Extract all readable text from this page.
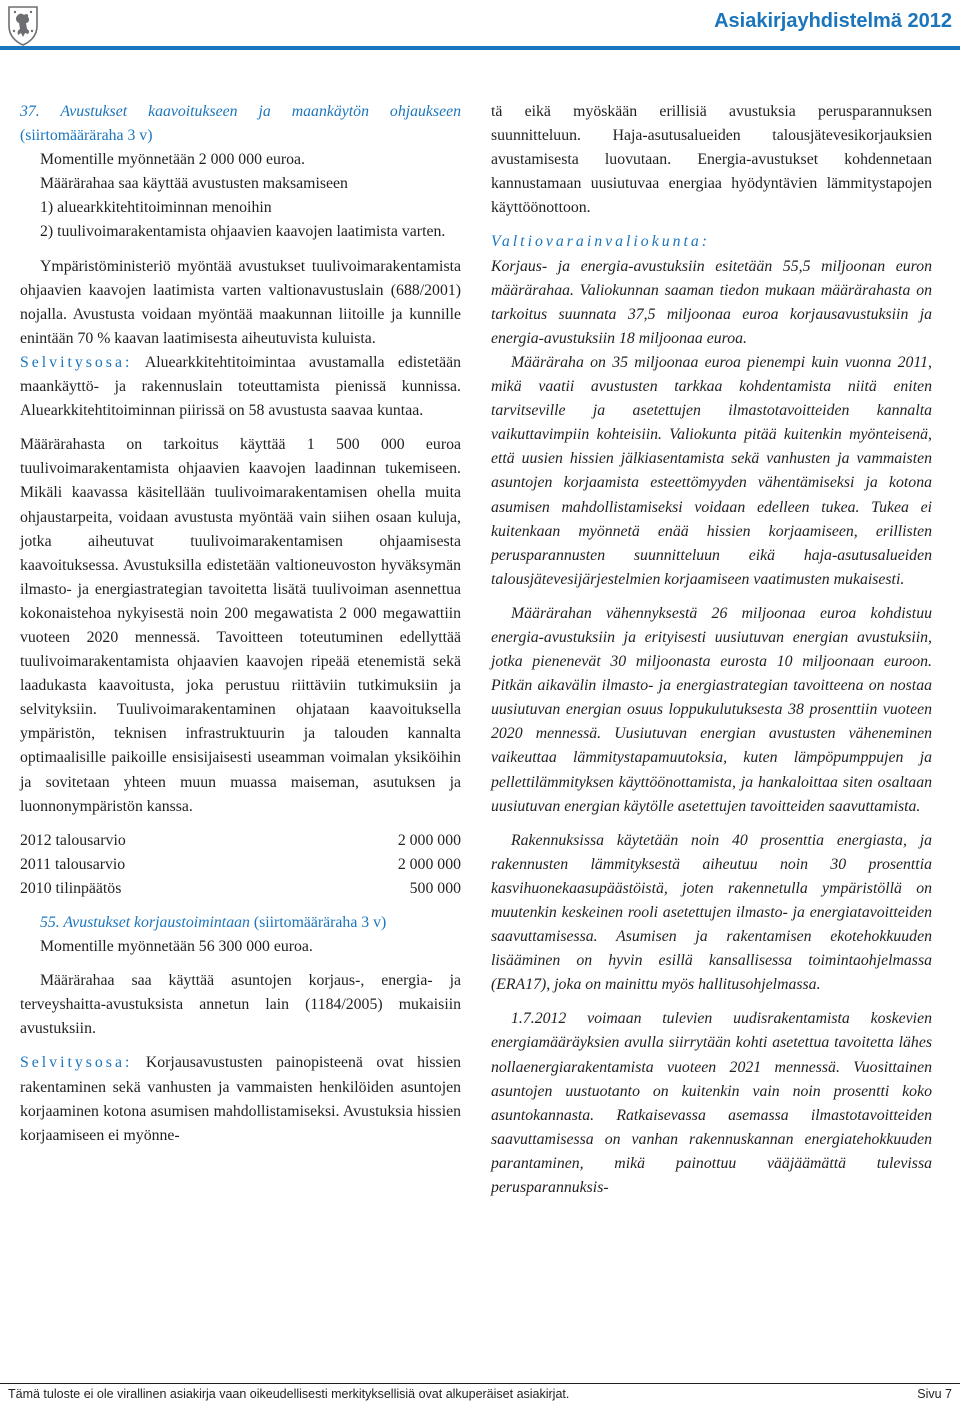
Asiakirjayhdistelmä 2012

37. Avustukset kaavoitukseen ja maankäytön ohjaukseen (siirtomääräraha 3 v)

Momentille myönnetään 2 000 000 euroa.

Määrärahaa saa käyttää avustusten maksamiseen

1) aluearkkitehtitoiminnan menoihin

2) tuulivoimarakentamista ohjaavien kaavojen laatimista varten.

Ympäristöministeriö myöntää avustukset tuulivoimarakentamista ohjaavien kaavojen laatimista varten valtionavustuslain (688/2001) nojalla. Avustusta voidaan myöntää maakunnan liitoille ja kunnille enintään 70 % kaavan laatimisesta aiheutuvista kuluista.

Selvitysosa: Aluearkkitehtitoimintaa avustamalla edistetään maankäyttö- ja rakennuslain toteuttamista pienissä kunnissa. Aluearkkitehtitoiminnan piirissä on 58 avustusta saavaa kuntaa.

Määrärahasta on tarkoitus käyttää 1 500 000 euroa tuulivoimarakentamista ohjaavien kaavojen laadinnan tukemiseen. Mikäli kaavassa käsitellään tuulivoimarakentamisen ohella muita ohjaustarpeita, voidaan avustusta myöntää vain siihen osaan kuluja, jotka aiheutuvat tuulivoimarakentamisen ohjaamisesta kaavoituksessa. Avustuksilla edistetään valtioneuvoston hyväksymän ilmasto- ja energiastrategian tavoitetta lisätä tuulivoiman asennettua kokonaistehoa nykyisestä noin 200 megawatista 2 000 megawattiin vuoteen 2020 mennessä. Tavoitteen toteutuminen edellyttää tuulivoimarakentamista ohjaavien kaavojen ripeää etenemistä sekä laadukasta kaavoitusta, joka perustuu riittäviin tutkimuksiin ja selvityksiin. Tuulivoimarakentaminen ohjataan kaavoituksella ympäristön, teknisen infrastruktuurin ja talouden kannalta optimaalisille paikoille ensisijaisesti useamman voimalan yksiköihin ja sovitetaan yhteen muun muassa maiseman, asutuksen ja luonnonympäristön kanssa.

2012 talousarvio	2 000 000
2011 talousarvio	2 000 000
2010 tilinpäätös	500 000

55. Avustukset korjaustoimintaan (siirtomääräraha 3 v)

Momentille myönnetään 56 300 000 euroa.

Määrärahaa saa käyttää asuntojen korjaus-, energia- ja terveyshaitta-avustuksista annetun lain (1184/2005) mukaisiin avustuksiin.

Selvitysosa: Korjausavustusten painopisteenä ovat hissien rakentaminen sekä vanhusten ja vammaisten henkilöiden asuntojen korjaaminen kotona asumisen mahdollistamiseksi. Avustuksia hissien korjaamiseen ei myönne-

tä eikä myöskään erillisiä avustuksia perusparannuksen suunnitteluun. Haja-asutusalueiden talousjätevesikorjauksien avustamisesta luovutaan. Energia-avustukset kohdennetaan kannustamaan uusiutuvaa energiaa hyödyntävien lämmitystapojen käyttöönottoon.

Valtiovarainvaliokunta:

Korjaus- ja energia-avustuksiin esitetään 55,5 miljoonan euron määrärahaa. Valiokunnan saaman tiedon mukaan määrärahasta on tarkoitus suunnata 37,5 miljoonaa euroa korjausavustuksiin ja energia-avustuksiin 18 miljoonaa euroa.

Määräraha on 35 miljoonaa euroa pienempi kuin vuonna 2011, mikä vaatii avustusten tarkkaa kohdentamista niitä eniten tarvitseville ja asetettujen ilmastotavoitteiden kannalta vaikuttavimpiin kohteisiin. Valiokunta pitää kuitenkin myönteisenä, että uusien hissien jälkiasentamista sekä vanhusten ja vammaisten asuntojen korjaamista esteettömyyden vähentämiseksi ja kotona asumisen mahdollistamiseksi voidaan edelleen tukea. Tukea ei kuitenkaan myönnetä enää hissien korjaamiseen, erillisten perusparannusten suunnitteluun eikä haja-asutusalueiden talousjätevesijärjestelmien korjaamiseen vaatimusten mukaisesti.

Määrärahan vähennyksestä 26 miljoonaa euroa kohdistuu energia-avustuksiin ja erityisesti uusiutuvan energian avustuksiin, jotka pienenevät 30 miljoonasta eurosta 10 miljoonaan euroon. Pitkän aikavälin ilmasto- ja energiastrategian tavoitteena on nostaa uusiutuvan energian osuus loppukulutuksesta 38 prosenttiin vuoteen 2020 mennessä. Uusiutuvan energian avustusten väheneminen vaikeuttaa lämmitystapamuutoksia, kuten lämpöpumppujen ja pellettilämmityksen käyttöönottamista, ja hankaloittaa siten osaltaan uusiutuvan energian käytölle asetettujen tavoitteiden saavuttamista.

Rakennuksissa käytetään noin 40 prosenttia energiasta, ja rakennusten lämmityksestä aiheutuu noin 30 prosenttia kasvihuonekaasupäästöistä, joten rakennetulla ympäristöllä on muutenkin keskeinen rooli asetettujen ilmasto- ja energiatavoitteiden saavuttamisessa. Asumisen ja rakentamisen ekotehokkuuden lisääminen on hyvin esillä kansallisessa toimintaohjelmassa (ERA17), joka on mainittu myös hallitusohjelmassa.

1.7.2012 voimaan tulevien uudisrakentamista koskevien energiamääräyksien avulla siirrytään kohti asetettua tavoitetta lähes nollaenergiarakentamista vuoteen 2021 mennessä. Vuosittainen asuntojen uustuotanto on kuitenkin vain noin prosentti koko asuntokannasta. Ratkaisevassa asemassa ilmastotavoitteiden saavuttamisessa on vanhan rakennuskannan energiatehokkuuden parantaminen, mikä painottuu vääjäämättä tulevissa perusparannuksis-

Tämä tuloste ei ole virallinen asiakirja vaan oikeudellisesti merkityksellisiä ovat alkuperäiset asiakirjat.	Sivu 7
